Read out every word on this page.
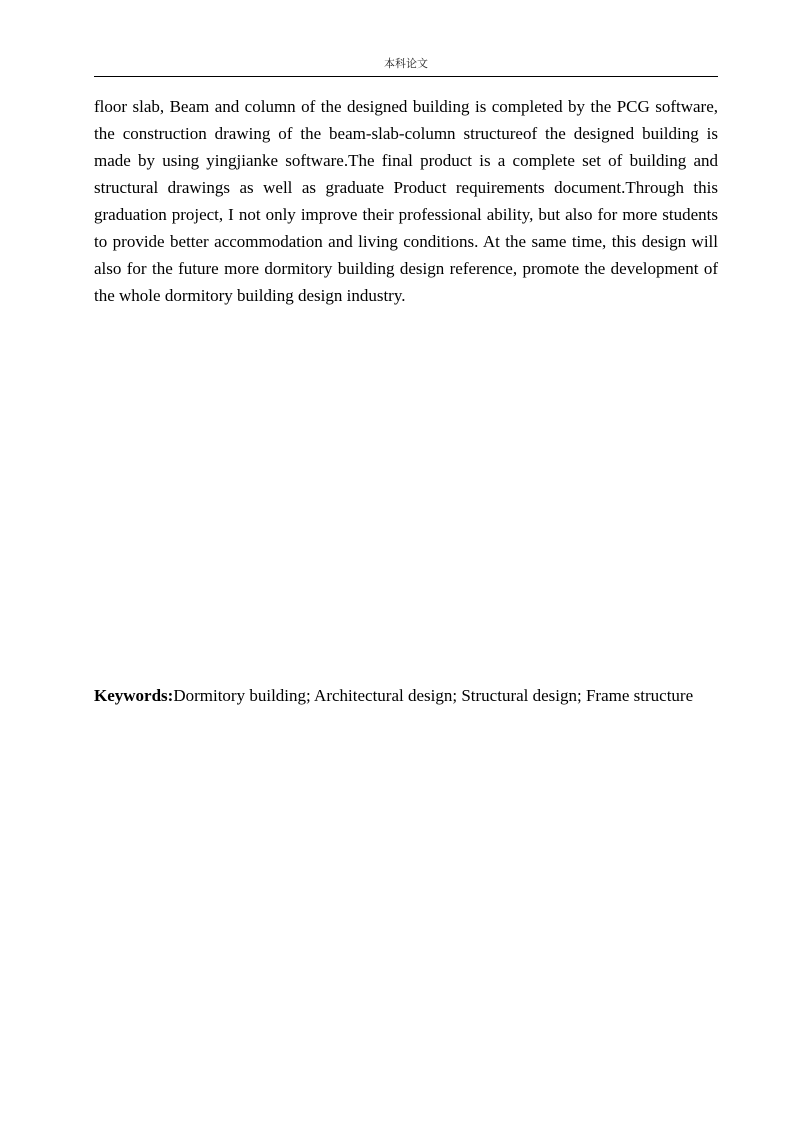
本科论文

floor slab, Beam and column of the designed building is completed by the PCG software, the construction drawing of the beam-slab-column structureof the designed building is made by using yingjianke software.The final product is a complete set of building and structural drawings as well as graduate Product requirements document.Through this graduation project, I not only improve their professional ability, but also for more students to provide better accommodation and living conditions. At the same time, this design will also for the future more dormitory building design reference, promote the development of the whole dormitory building design industry.

Keywords:Dormitory building; Architectural design; Structural design; Frame structure
